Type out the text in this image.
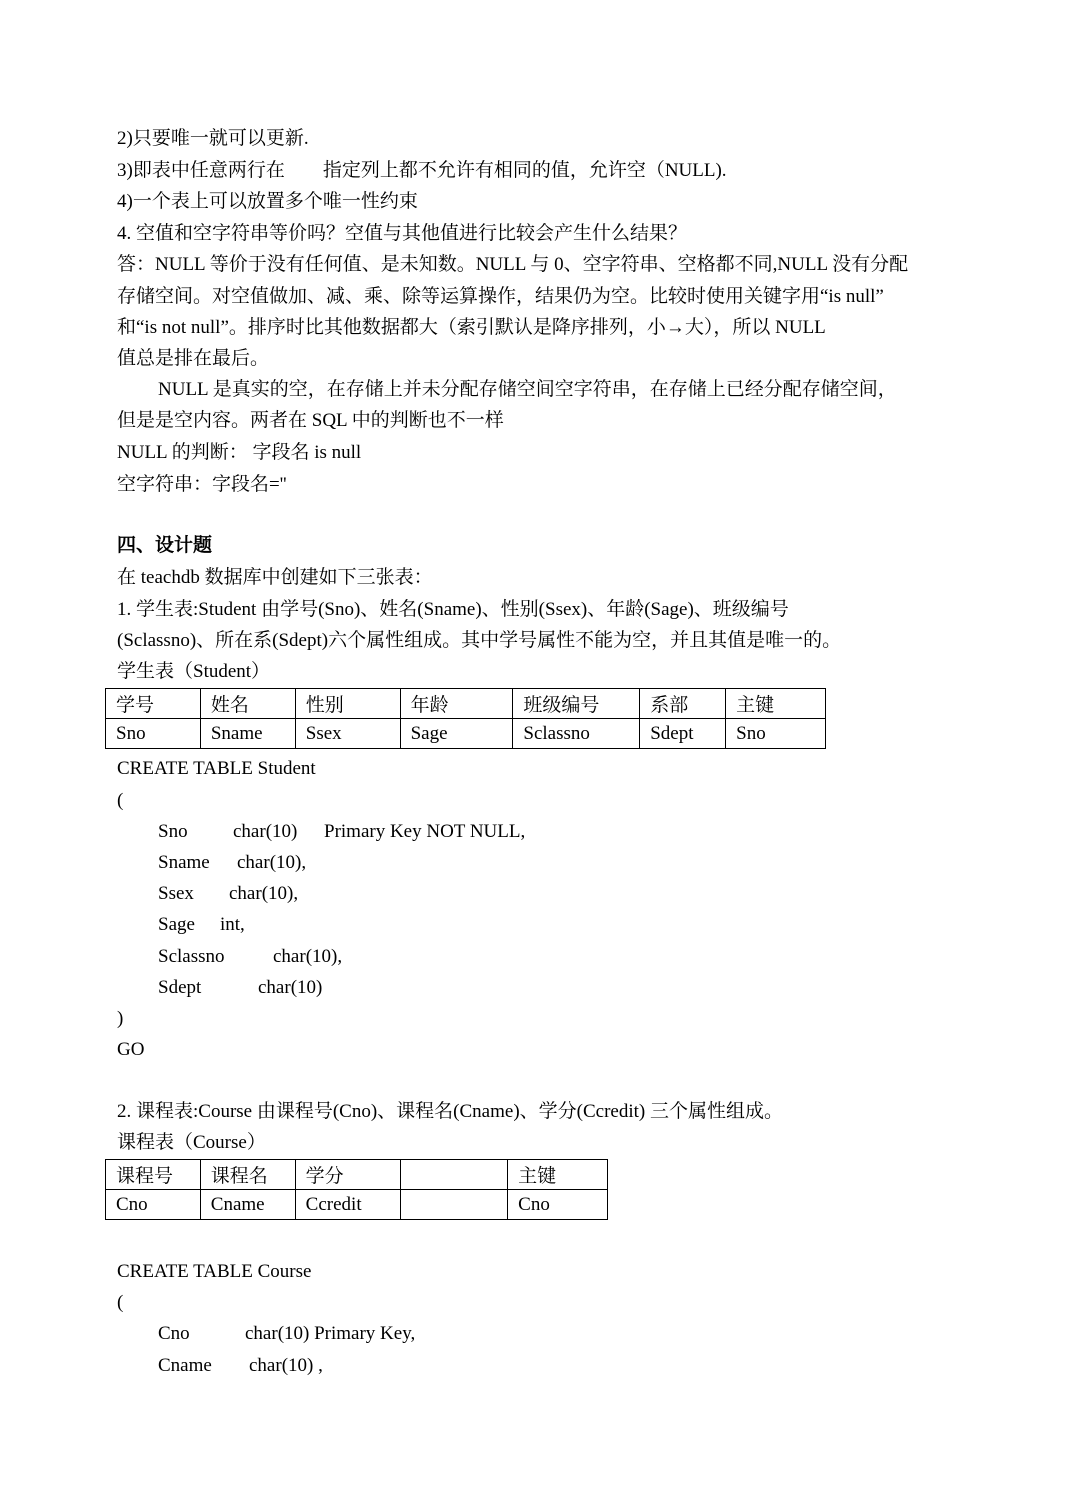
2)只要唯一就可以更新.
3)即表中任意两行在　　指定列上都不允许有相同的值，允许空（NULL).
4)一个表上可以放置多个唯一性约束
4. 空值和空字符串等价吗？空值与其他值进行比较会产生什么结果？
答：NULL 等价于没有任何值、是未知数。NULL 与 0、空字符串、空格都不同,NULL 没有分配
存储空间。对空值做加、减、乘、除等运算操作，结果仍为空。比较时使用关键字用“is null”
和“is not null”。排序时比其他数据都大（索引默认是降序排列，小→大），所以 NULL
值总是排在最后。
NULL 是真实的空，在存储上并未分配存储空间空字符串，在存储上已经分配存储空间，
但是是空内容。两者在 SQL 中的判断也不一样
NULL 的判断： 字段名 is null
空字符串：字段名=''
四、设计题
在 teachdb 数据库中创建如下三张表：
1. 学生表:Student 由学号(Sno)、姓名(Sname)、性别(Ssex)、年龄(Sage)、班级编号
(Sclassno)、所在系(Sdept)六个属性组成。其中学号属性不能为空，并且其值是唯一的。
学生表（Student）
学号	姓名	性别	年龄	班级编号	系部	主键
Sno	Sname	Ssex	Sage	Sclassno	Sdept	Sno
CREATE TABLE Student
(
Sno char(10) Primary Key NOT NULL,
Sname char(10),
Ssex char(10),
Sage int,
Sclassno	char(10),
Sdept	char(10)
)
GO
2. 课程表:Course 由课程号(Cno)、课程名(Cname)、学分(Ccredit) 三个属性组成。
课程表（Course）
课程号	课程名	学分		主键
Cno	Cname	Ccredit		Cno
CREATE TABLE Course
(
Cno	char(10) Primary Key,
Cname char(10) ,
